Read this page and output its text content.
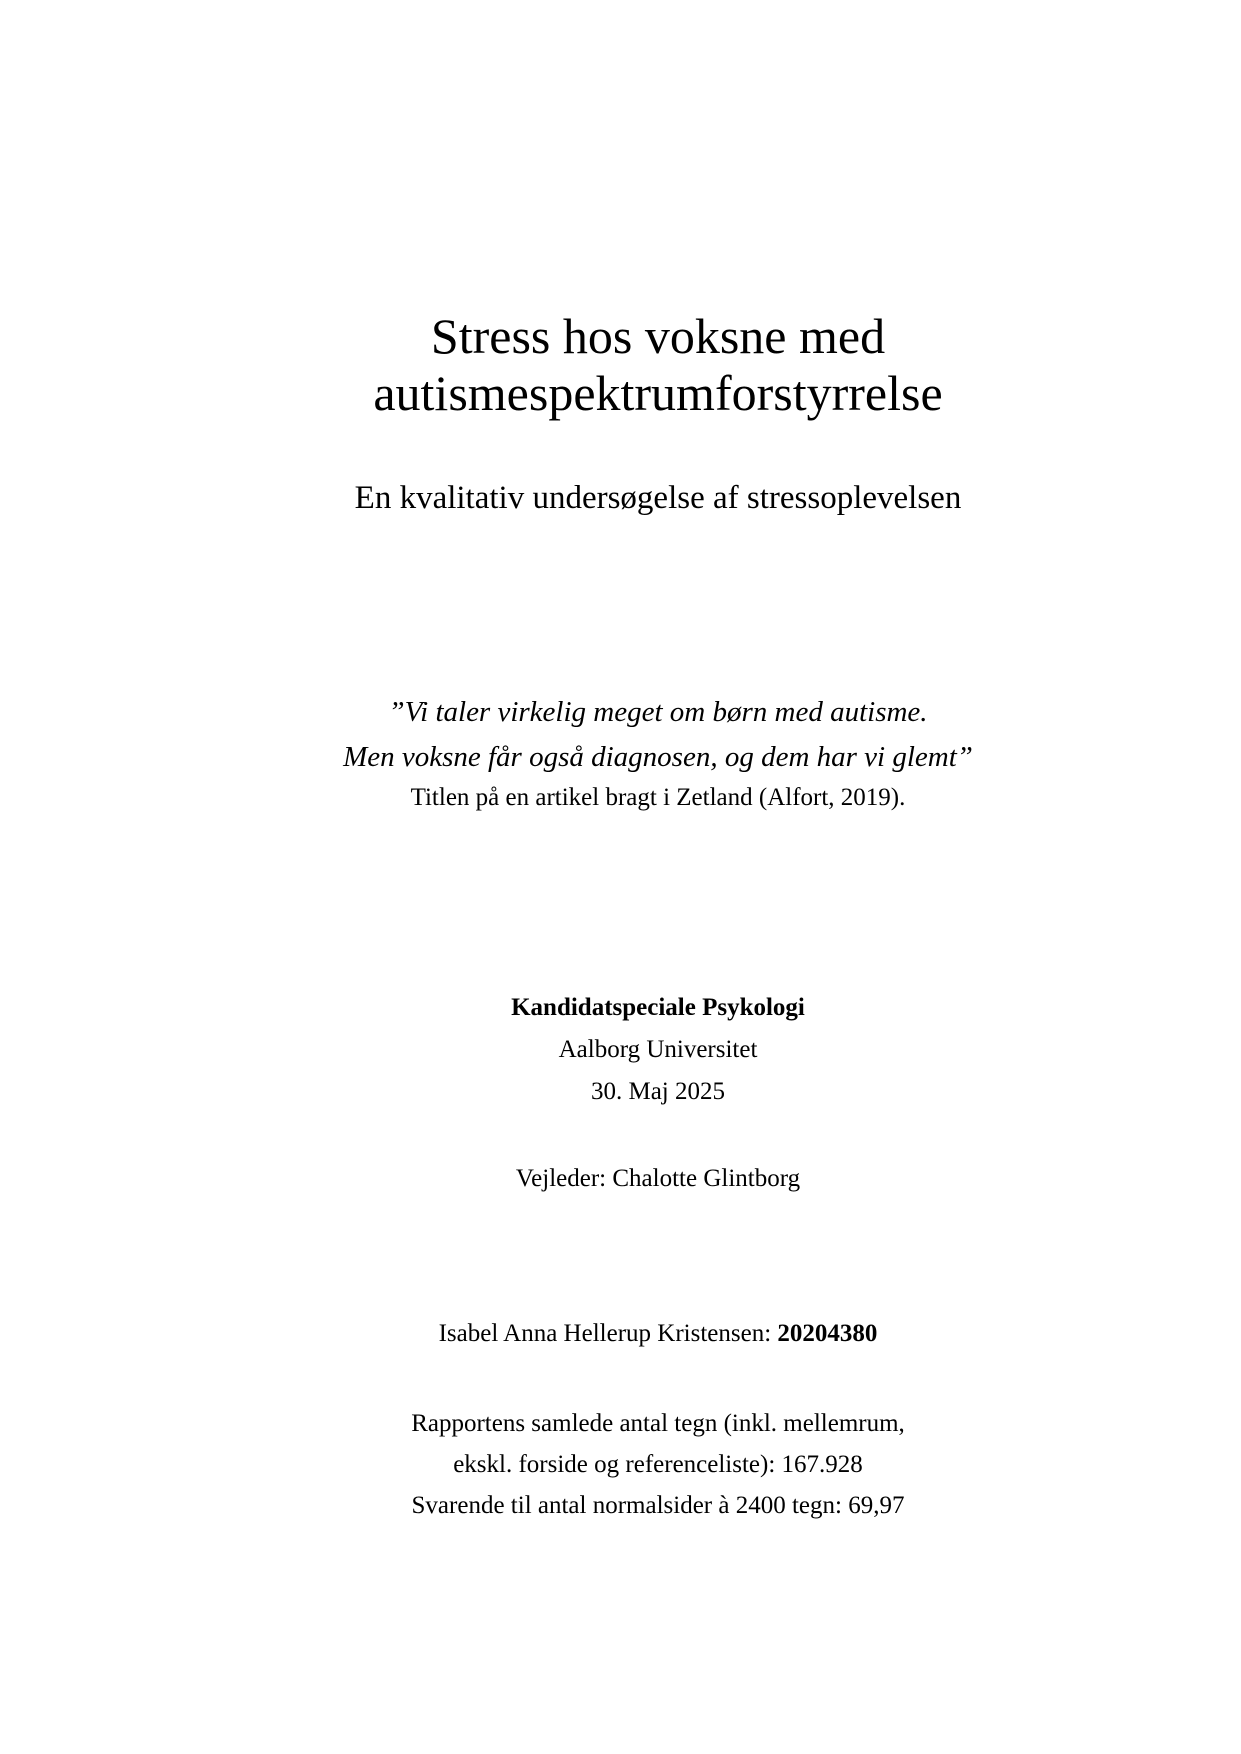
Stress hos voksne med
autismespektrumforstyrrelse
En kvalitativ undersøgelse af stressoplevelsen
”Vi taler virkelig meget om børn med autisme.
Men voksne får også diagnosen, og dem har vi glemt”
Titlen på en artikel bragt i Zetland (Alfort, 2019).
Kandidatspeciale Psykologi
Aalborg Universitet
30. Maj 2025
Vejleder: Chalotte Glintborg
Isabel Anna Hellerup Kristensen: 20204380
Rapportens samlede antal tegn (inkl. mellemrum,
ekskl. forside og referenceliste): 167.928
Svarende til antal normalsider à 2400 tegn: 69,97
